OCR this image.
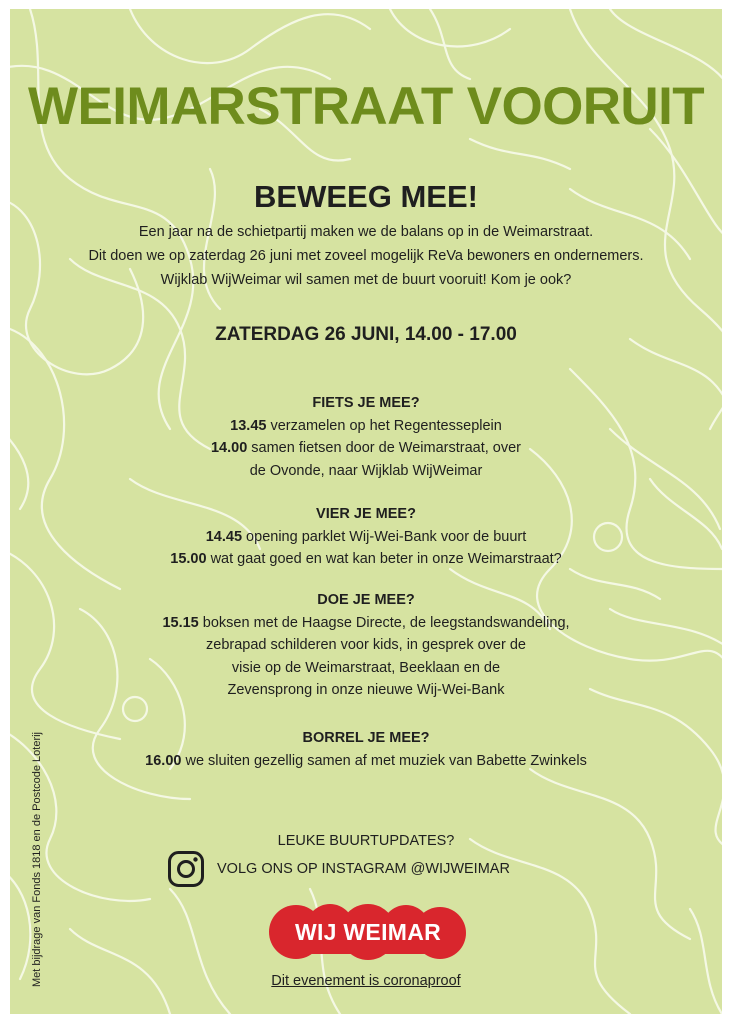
WEIMARSTRAAT VOORUIT
BEWEEG MEE!
Een jaar na de schietpartij maken we de balans op in de Weimarstraat.
Dit doen we op zaterdag 26 juni met zoveel mogelijk ReVa bewoners en ondernemers.
Wijklab WijWeimar wil samen met de buurt vooruit! Kom je ook?
ZATERDAG 26 JUNI, 14.00 - 17.00
FIETS JE MEE?
13.45 verzamelen op het Regentesseplein
14.00 samen fietsen door de Weimarstraat, over
de Ovonde, naar Wijklab WijWeimar
VIER JE MEE?
14.45 opening parklet Wij-Wei-Bank voor de buurt
15.00 wat gaat goed en wat kan beter in onze Weimarstraat?
DOE JE MEE?
15.15 boksen met de Haagse Directe, de leegstandswandeling,
zebrapad schilderen voor kids, in gesprek over de
visie op de Weimarstraat, Beeklaan en de
Zevensprong in onze nieuwe Wij-Wei-Bank
BORREL JE MEE?
16.00 we sluiten gezellig samen af met muziek van Babette Zwinkels
LEUKE BUURTUPDATES?
VOLG ONS OP INSTAGRAM @WIJWEIMAR
WIJ WEIMAR
Dit evenement is coronaproof
Met bijdrage van Fonds 1818 en de Postcode Loterij
